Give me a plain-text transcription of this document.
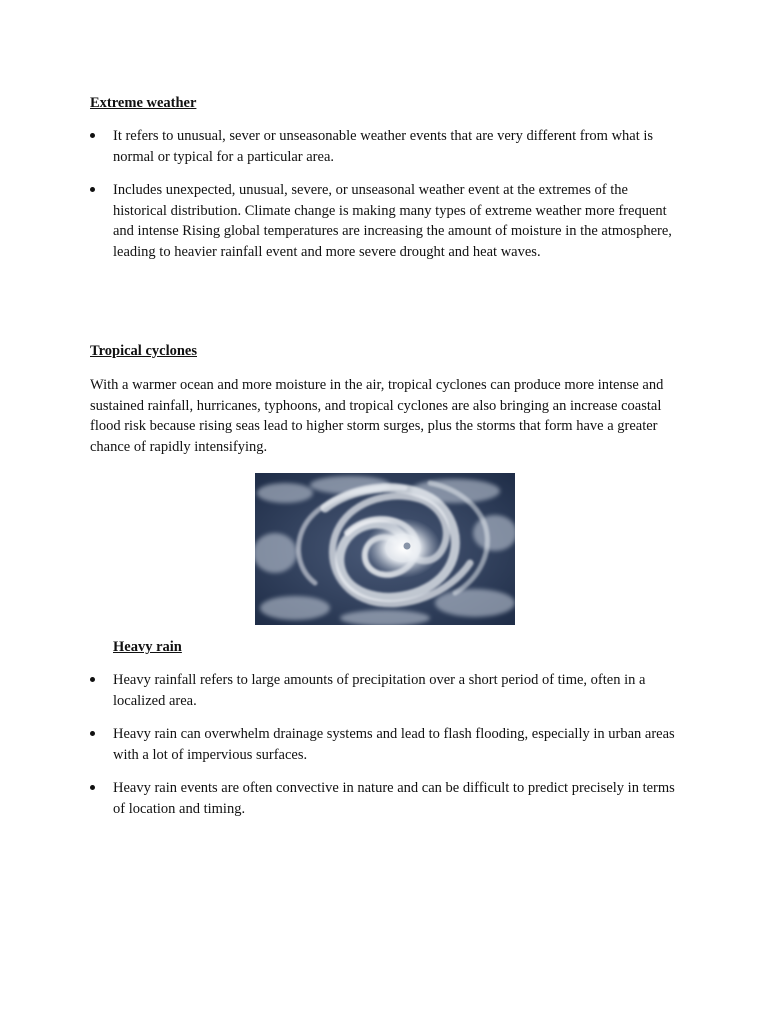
Extreme weather
It refers to unusual, sever or unseasonable weather events that are very different from what is normal or typical for a particular area.
Includes unexpected, unusual, severe, or unseasonal weather event at the extremes of the historical distribution. Climate change is making many types of extreme weather more frequent and intense Rising global temperatures are increasing the amount of moisture in the atmosphere, leading to heavier rainfall event and more severe drought and heat waves.
Tropical cyclones

With a warmer ocean and more moisture in the air, tropical cyclones can produce more intense and sustained rainfall, hurricanes, typhoons, and tropical cyclones are also bringing an increase coastal flood risk because rising seas lead to higher storm surges, plus the storms that form have a greater chance of rapidly intensifying.

Heavy rain
Heavy rainfall refers to large amounts of precipitation over a short period of time, often in a localized area.
Heavy rain can overwhelm drainage systems and lead to flash flooding, especially in urban areas with a lot of impervious surfaces.
Heavy rain events are often convective in nature and can be difficult to predict precisely in terms of location and timing.
